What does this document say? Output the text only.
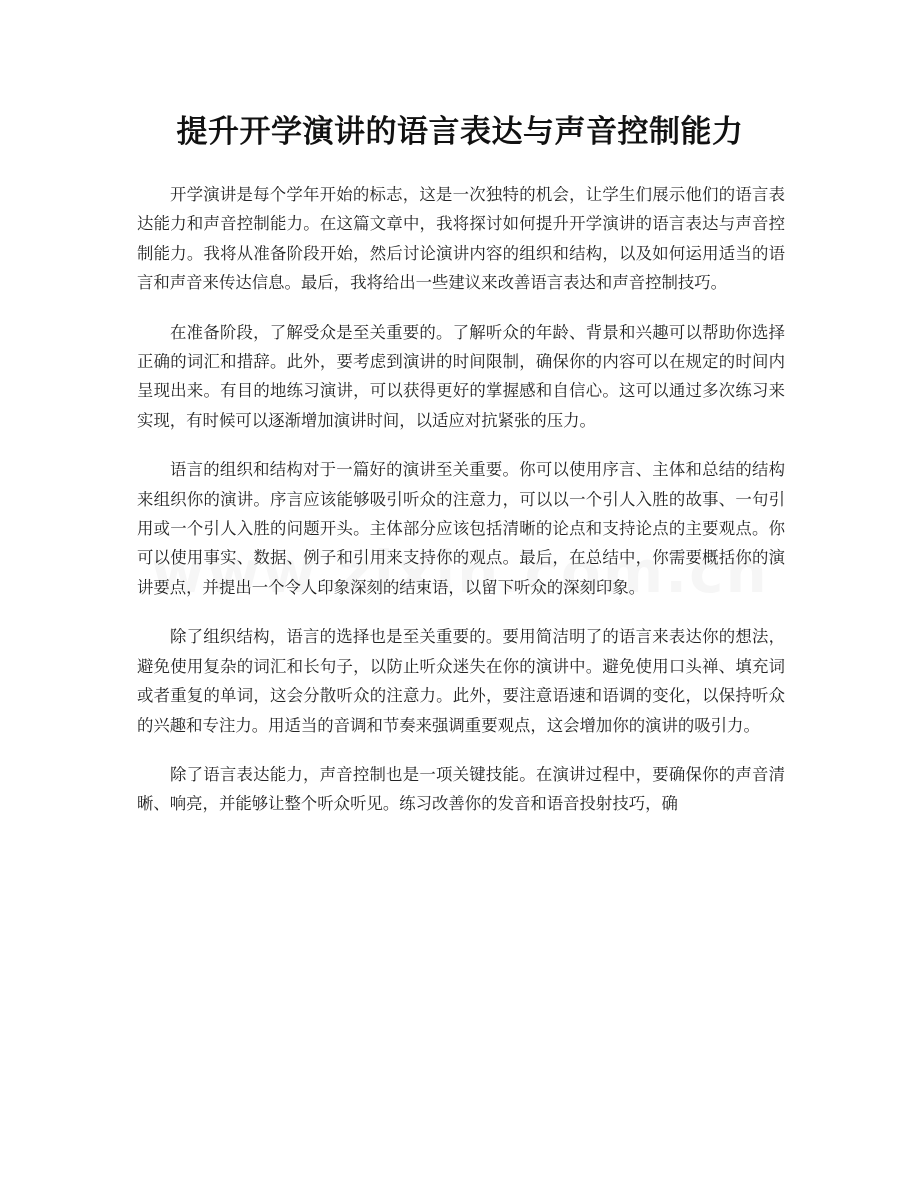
提升开学演讲的语言表达与声音控制能力

开学演讲是每个学年开始的标志，这是一次独特的机会，让学生们展示他们的语言表达能力和声音控制能力。在这篇文章中，我将探讨如何提升开学演讲的语言表达与声音控制能力。我将从准备阶段开始，然后讨论演讲内容的组织和结构，以及如何运用适当的语言和声音来传达信息。最后，我将给出一些建议来改善语言表达和声音控制技巧。

在准备阶段，了解受众是至关重要的。了解听众的年龄、背景和兴趣可以帮助你选择正确的词汇和措辞。此外，要考虑到演讲的时间限制，确保你的内容可以在规定的时间内呈现出来。有目的地练习演讲，可以获得更好的掌握感和自信心。这可以通过多次练习来实现，有时候可以逐渐增加演讲时间，以适应对抗紧张的压力。

语言的组织和结构对于一篇好的演讲至关重要。你可以使用序言、主体和总结的结构来组织你的演讲。序言应该能够吸引听众的注意力，可以以一个引人入胜的故事、一句引用或一个引人入胜的问题开头。主体部分应该包括清晰的论点和支持论点的主要观点。你可以使用事实、数据、例子和引用来支持你的观点。最后，在总结中，你需要概括你的演讲要点，并提出一个令人印象深刻的结束语，以留下听众的深刻印象。

除了组织结构，语言的选择也是至关重要的。要用简洁明了的语言来表达你的想法，避免使用复杂的词汇和长句子，以防止听众迷失在你的演讲中。避免使用口头禅、填充词或者重复的单词，这会分散听众的注意力。此外，要注意语速和语调的变化，以保持听众的兴趣和专注力。用适当的音调和节奏来强调重要观点，这会增加你的演讲的吸引力。

除了语言表达能力，声音控制也是一项关键技能。在演讲过程中，要确保你的声音清晰、响亮，并能够让整个听众听见。练习改善你的发音和语音投射技巧，确
